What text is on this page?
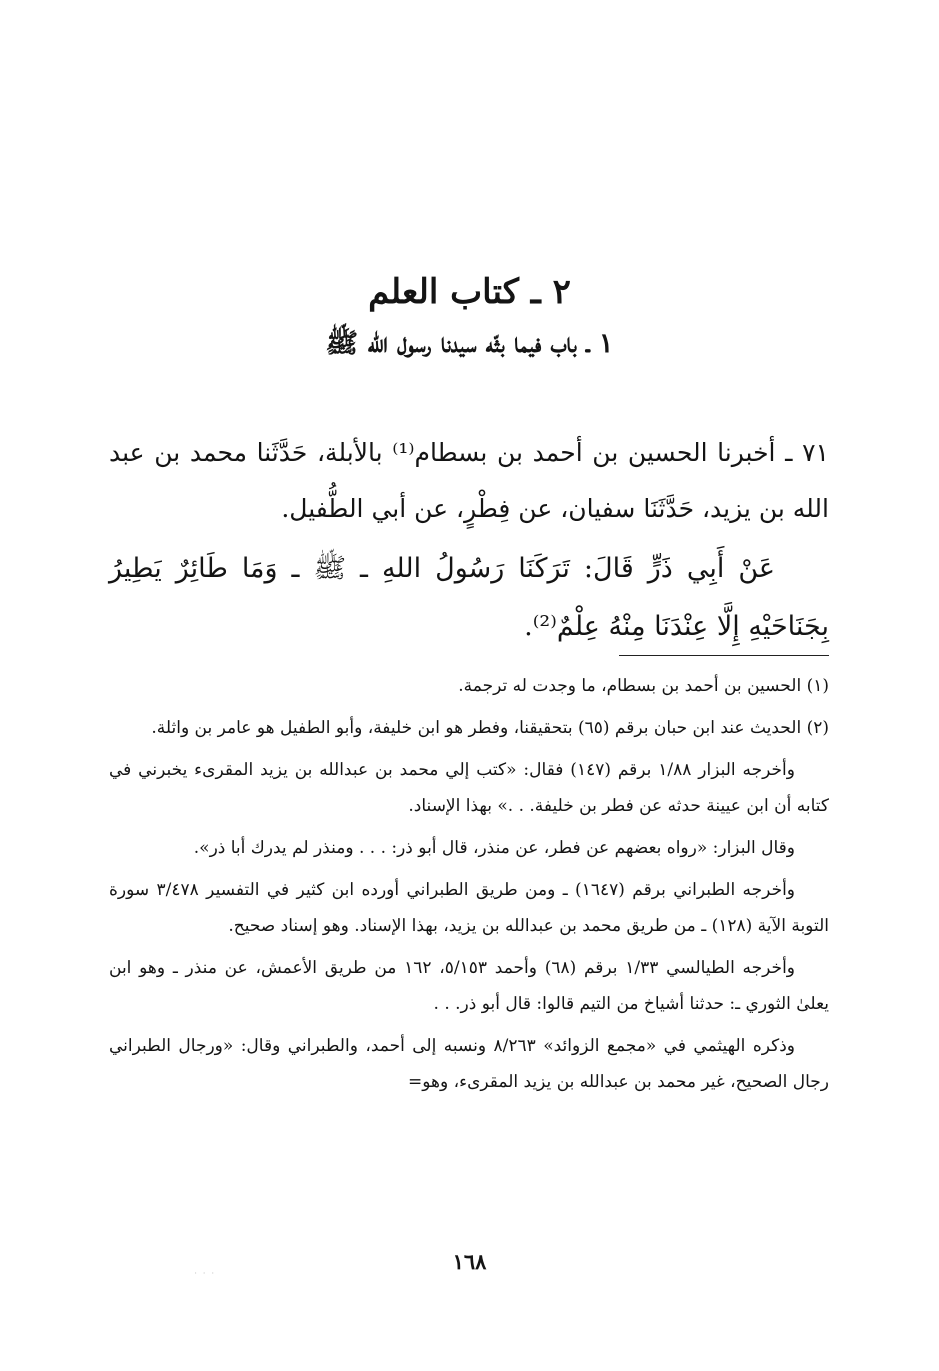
٢ ـ كتاب العلم
١ ـ باب فيما بثّه سيدنا رسول الله ﷺ

٧١ ـ أخبرنا الحسين بن أحمد بن بسطام⁽¹⁾ بالأبلة، حَدَّثَنا محمد بن عبد الله بن يزيد، حَدَّثَنَا سفيان، عن فِطْرٍ، عن أبي الطُّفيل.

عَنْ أَبِي ذَرٍّ قَالَ: تَرَكَنَا رَسُولُ اللهِ ـ ﷺ ـ وَمَا طَائِرٌ يَطِيرُ بِجَنَاحَيْهِ إِلَّا عِنْدَنَا مِنْهُ عِلْمٌ⁽²⁾.

(١) الحسين بن أحمد بن بسطام، ما وجدت له ترجمة.

(٢) الحديث عند ابن حبان برقم (٦٥) بتحقيقنا، وفطر هو ابن خليفة، وأبو الطفيل هو عامر بن واثلة.

وأخرجه البزار ١/٨٨ برقم (١٤٧) فقال: «كتب إلي محمد بن عبدالله بن يزيد المقرىء يخبرني في كتابه أن ابن عيينة حدثه عن فطر بن خليفة. . .» بهذا الإسناد.

وقال البزار: «رواه بعضهم عن فطر، عن منذر، قال أبو ذر: . . . ومنذر لم يدرك أبا ذر».

وأخرجه الطبراني برقم (١٦٤٧) ـ ومن طريق الطبراني أورده ابن كثير في التفسير ٣/٤٧٨ سورة التوبة الآية (١٢٨) ـ من طريق محمد بن عبدالله بن يزيد، بهذا الإسناد. وهو إسناد صحيح.

وأخرجه الطيالسي ١/٣٣ برقم (٦٨) وأحمد ٥/١٥٣، ١٦٢ من طريق الأعمش، عن منذر ـ وهو ابن يعلىٰ الثوري ـ: حدثنا أشياخ من التيم قالوا: قال أبو ذر. . .

وذكره الهيثمي في «مجمع الزوائد» ٨/٢٦٣ ونسبه إلى أحمد، والطبراني وقال: «ورجال الطبراني رجال الصحيح، غير محمد بن عبدالله بن يزيد المقرىء، وهو=

١٦٨

···
